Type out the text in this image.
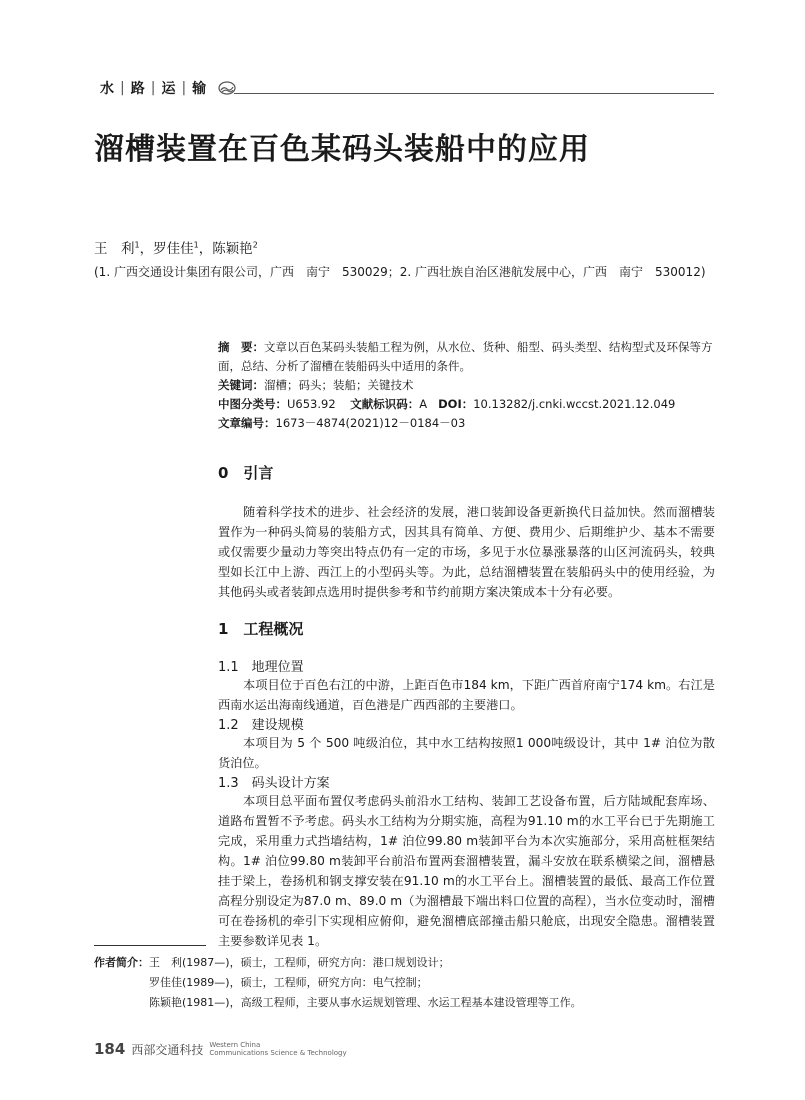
水 | 路 | 运 | 输
溜槽装置在百色某码头装船中的应用
王　利$^1$，罗佳佳$^1$，陈颖艳$^2$
(1. 广西交通设计集团有限公司，广西　南宁　530029；2. 广西壮族自治区港航发展中心，广西　南宁　530012)
摘　要：文章以百色某码头装船工程为例，从水位、货种、船型、码头类型、结构型式及环保等方面，总结、分析了溜槽在装船码头中适用的条件。
关键词：溜槽；码头；装船；关键技术
中图分类号：U653.92 文献标识码：A DOI：10.13282/j.cnki.wccst.2021.12.049
文章编号：1673－4874(2021)12－0184－03
0　引言
随着科学技术的进步、社会经济的发展，港口装卸设备更新换代日益加快。然而溜槽装置作为一种码头简易的装船方式，因其具有简单、方便、费用少、后期维护少、基本不需要或仅需要少量动力等突出特点仍有一定的市场，多见于水位暴涨暴落的山区河流码头，较典型如长江中上游、西江上的小型码头等。为此，总结溜槽装置在装船码头中的使用经验，为其他码头或者装卸点选用时提供参考和节约前期方案决策成本十分有必要。
1　工程概况
1.1　地理位置
本项目位于百色右江的中游，上距百色市184 km，下距广西首府南宁174 km。右江是西南水运出海南线通道，百色港是广西西部的主要港口。
1.2　建设规模
本项目为 5 个 500 吨级泊位，其中水工结构按照1 000吨级设计，其中 1# 泊位为散货泊位。
1.3　码头设计方案
本项目总平面布置仅考虑码头前沿水工结构、装卸工艺设备布置，后方陆域配套库场、道路布置暂不予考虑。码头水工结构为分期实施，高程为91.10 m的水工平台已于先期施工完成，采用重力式挡墙结构，1# 泊位99.80 m装卸平台为本次实施部分，采用高桩框架结构。1# 泊位99.80 m装卸平台前沿布置两套溜槽装置，漏斗安放在联系横梁之间，溜槽悬挂于梁上，卷扬机和钢支撑安装在91.10 m的水工平台上。溜槽装置的最低、最高工作位置高程分别设定为87.0 m、89.0 m（为溜槽最下端出料口位置的高程），当水位变动时，溜槽可在卷扬机的牵引下实现相应俯仰，避免溜槽底部撞击船只舱底，出现安全隐患。溜槽装置主要参数详见表 1。
作者简介：王　利(1987—)，硕士，工程师，研究方向：港口规划设计；
罗佳佳(1989—)，硕士，工程师，研究方向：电气控制；
陈颖艳(1981—)，高级工程师，主要从事水运规划管理、水运工程基本建设管理等工作。
184 西部交通科技 Western China
Communications Science & Technology
